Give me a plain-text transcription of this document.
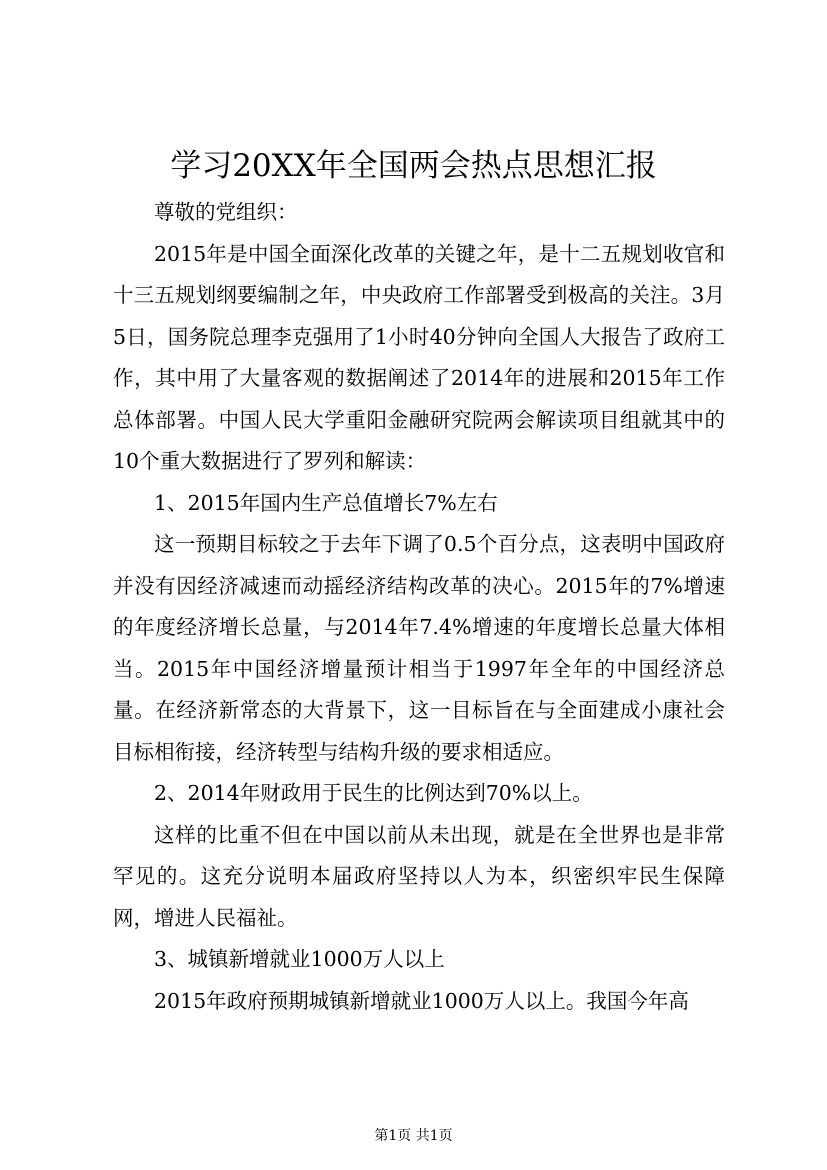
学习20XX年全国两会热点思想汇报

尊敬的党组织：

2015年是中国全面深化改革的关键之年，是十二五规划收官和十三五规划纲要编制之年，中央政府工作部署受到极高的关注。3月5日，国务院总理李克强用了1小时40分钟向全国人大报告了政府工作，其中用了大量客观的数据阐述了2014年的进展和2015年工作总体部署。中国人民大学重阳金融研究院两会解读项目组就其中的10个重大数据进行了罗列和解读：

1、2015年国内生产总值增长7%左右

这一预期目标较之于去年下调了0.5个百分点，这表明中国政府并没有因经济减速而动摇经济结构改革的决心。2015年的7%增速的年度经济增长总量，与2014年7.4%增速的年度增长总量大体相当。2015年中国经济增量预计相当于1997年全年的中国经济总量。在经济新常态的大背景下，这一目标旨在与全面建成小康社会目标相衔接，经济转型与结构升级的要求相适应。

2、2014年财政用于民生的比例达到70%以上。

这样的比重不但在中国以前从未出现，就是在全世界也是非常罕见的。这充分说明本届政府坚持以人为本，织密织牢民生保障网，增进人民福祉。

3、城镇新增就业1000万人以上

2015年政府预期城镇新增就业1000万人以上。我国今年高

第1页 共1页
